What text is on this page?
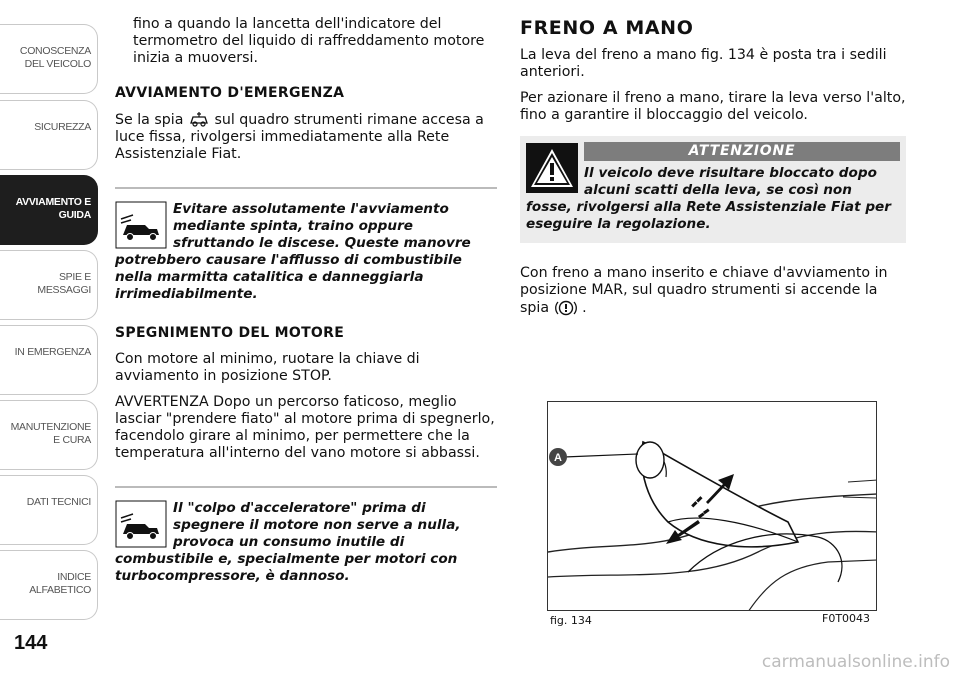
CONOSCENZA DEL VEICOLO
SICUREZZA
AVVIAMENTO E GUIDA
SPIE E MESSAGGI
IN EMERGENZA
MANUTENZIONE E CURA
DATI TECNICI
INDICE ALFABETICO
144

fino a quando la lancetta dell'indicatore del termometro del liquido di raffreddamento motore inizia a muoversi.

AVVIAMENTO D'EMERGENZA

Se la spia sul quadro strumenti rimane accesa a luce fissa, rivolgersi immediatamente alla Rete Assistenziale Fiat.

Evitare assolutamente l'avviamento mediante spinta, traino oppure sfruttando le discese. Queste manovre potrebbero causare l'afflusso di combustibile nella marmitta catalitica e danneggiarla irrimediabilmente.
SPEGNIMENTO DEL MOTORE

Con motore al minimo, ruotare la chiave di avviamento in posizione STOP.

AVVERTENZA Dopo un percorso faticoso, meglio lasciar "prendere fiato" al motore prima di spegnerlo, facendolo girare al minimo, per permettere che la temperatura all'interno del vano motore si abbassi.

Il "colpo d'acceleratore" prima di spegnere il motore non serve a nulla, provoca un consumo inutile di combustibile e, specialmente per motori con turbocompressore, è dannoso.
FRENO A MANO

La leva del freno a mano fig. 134 è posta tra i sedili anteriori.

Per azionare il freno a mano, tirare la leva verso l'alto, fino a garantire il bloccaggio del veicolo.

ATTENZIONE
Il veicolo deve risultare bloccato dopo alcuni scatti della leva, se così non fosse, rivolgersi alla Rete Assistenziale Fiat per eseguire la regolazione.

Con freno a mano inserito e chiave d'avviamento in posizione MAR, sul quadro strumenti si accende la spia .

A
fig. 134	F0T0043
carmanualsonline.info
